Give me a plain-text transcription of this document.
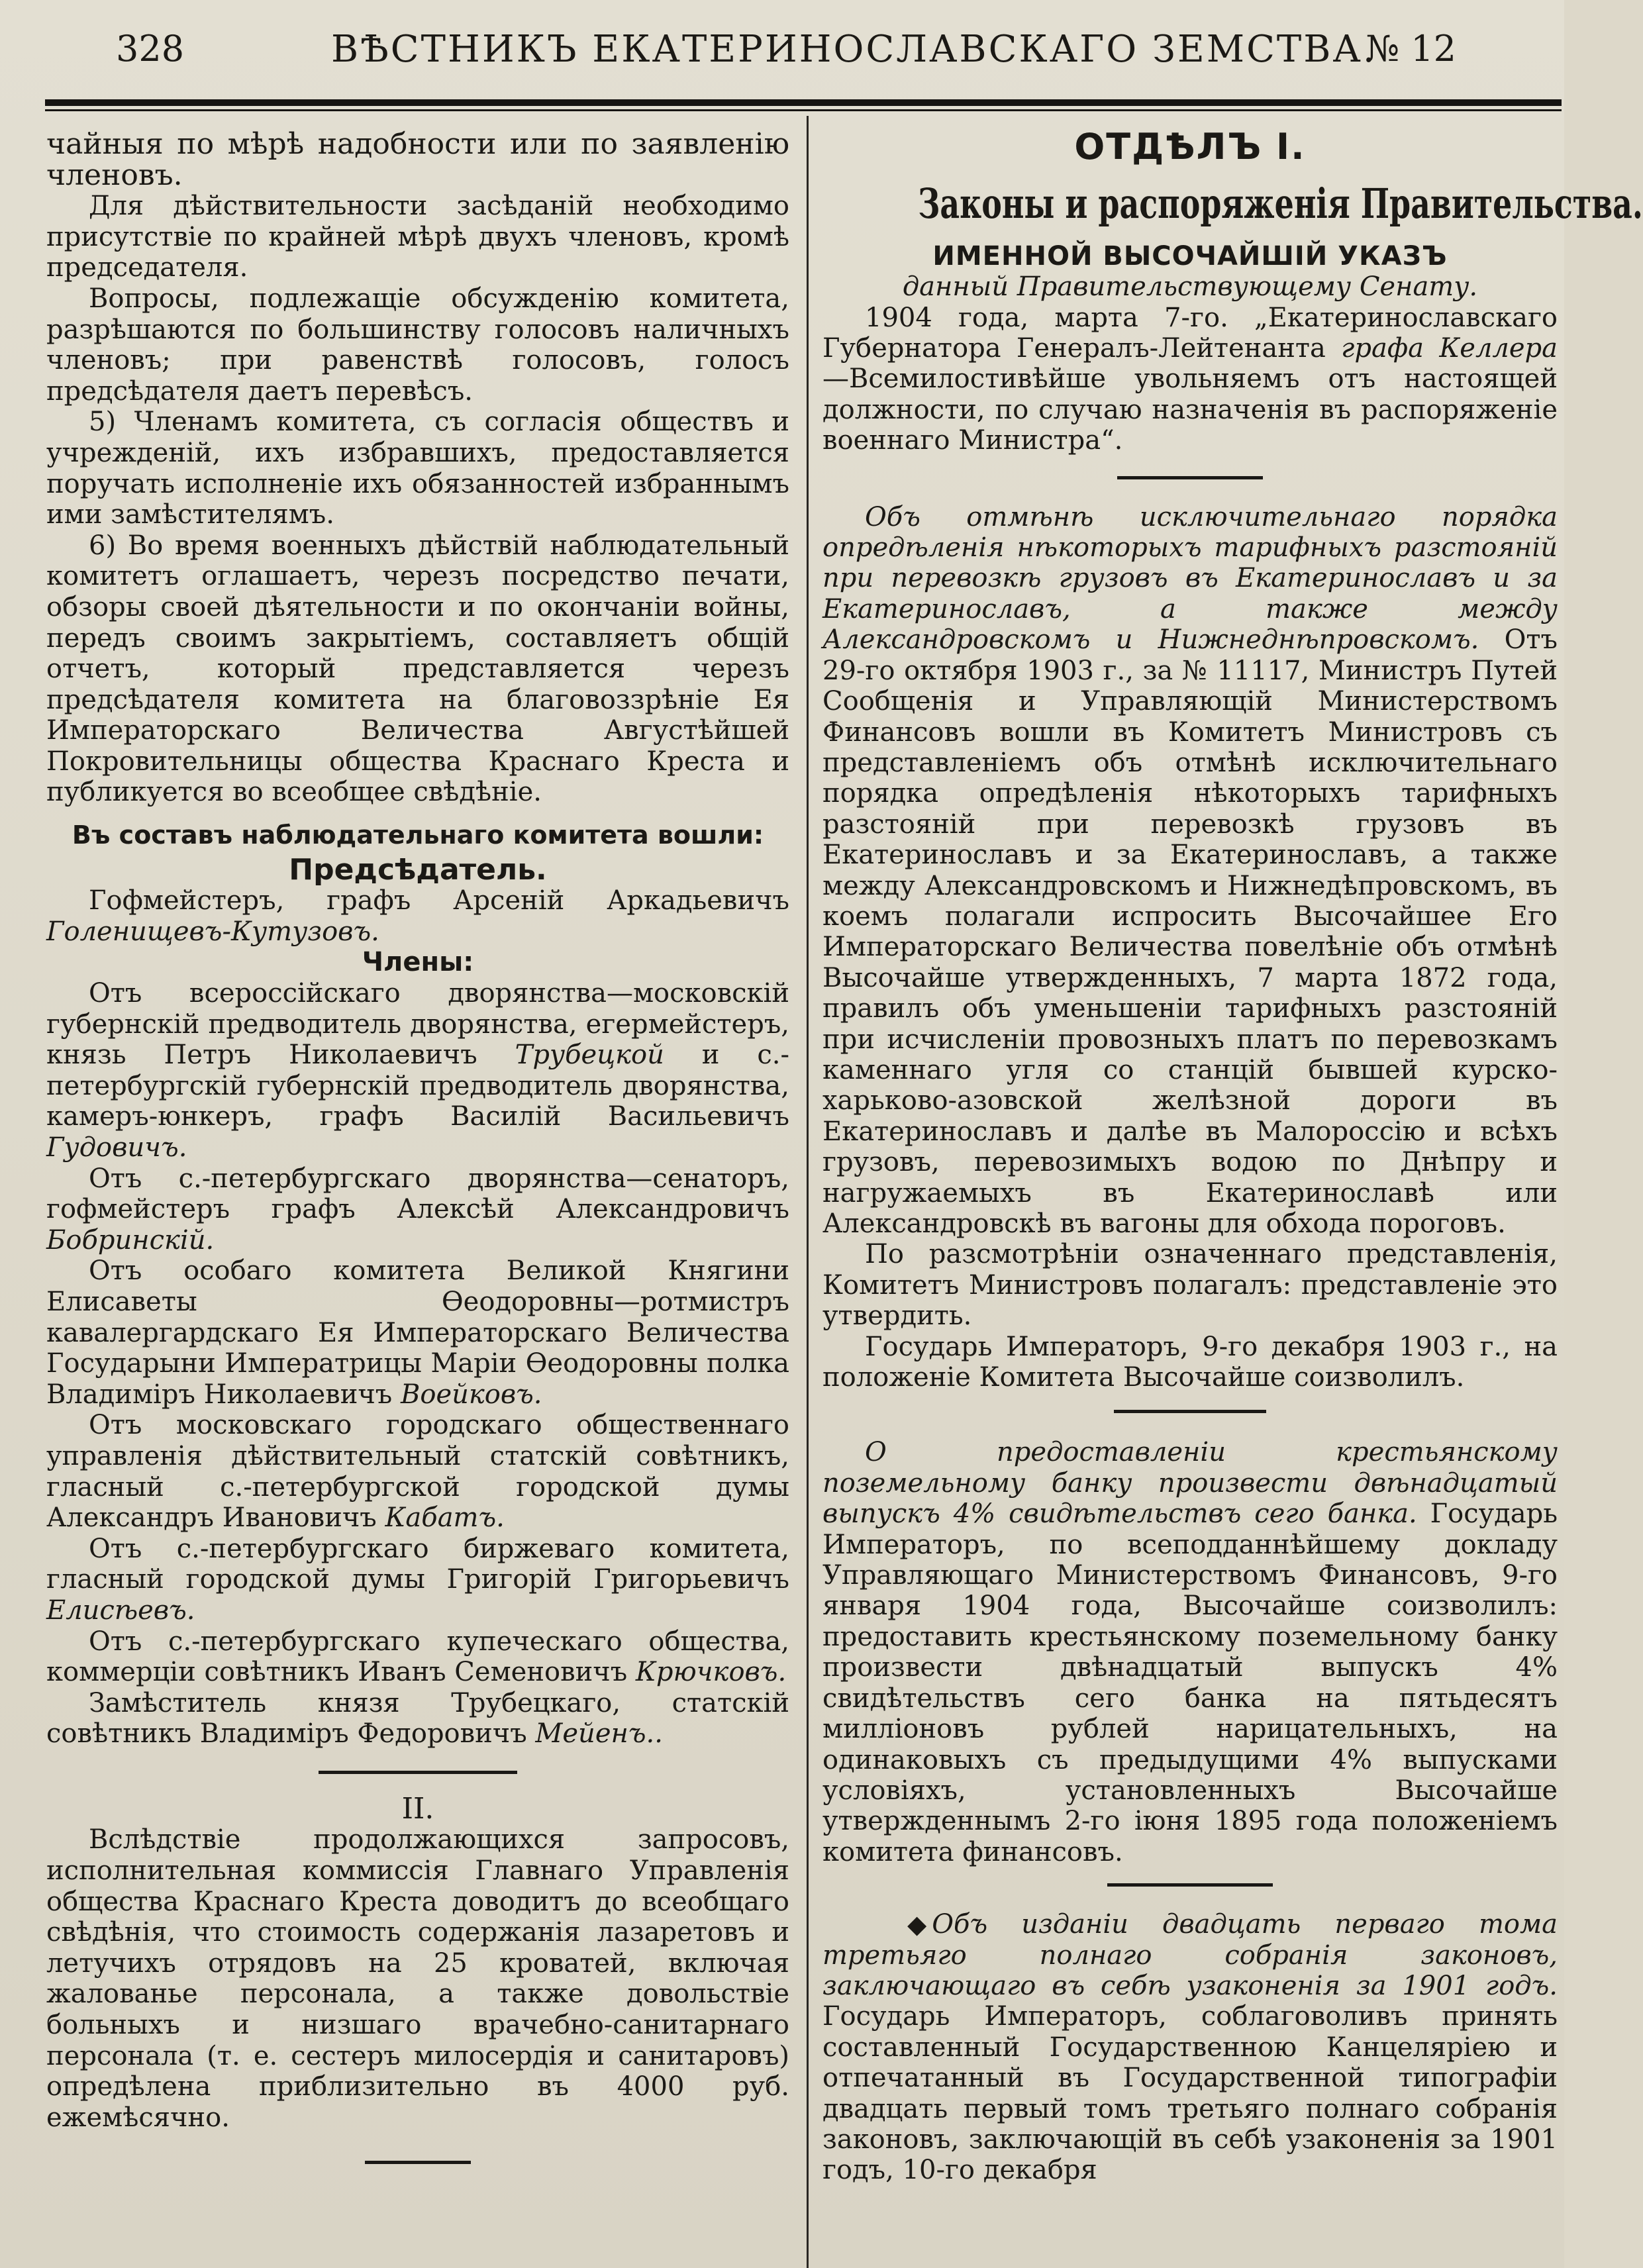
328	ВѢСТНИКЪ ЕКАТЕРИНОСЛАВСКАГО ЗЕМСТВА.
№ 12

чайныя по мѣрѣ надобности или по заявленію членовъ.

Для дѣйствительности засѣданій необходимо присутствіе по крайней мѣрѣ двухъ членовъ, кромѣ председателя.

Вопросы, подлежащіе обсужденію комитета, разрѣшаются по большинству голосовъ наличныхъ членовъ; при равенствѣ голосовъ, голосъ предсѣдателя даетъ перевѣсъ.

5) Членамъ комитета, съ согласія обществъ и учрежденій, ихъ избравшихъ, предоставляется поручать исполненіе ихъ обязанностей избраннымъ ими замѣстителямъ.

6) Во время военныхъ дѣйствій наблюдательный комитетъ оглашаетъ, черезъ посредство печати, обзоры своей дѣятельности и по окончаніи войны, передъ своимъ закрытіемъ, составляетъ общій отчетъ, который представляется черезъ предсѣдателя комитета на благовоззрѣніе Ея Императорскаго Величества Августѣйшей Покровительницы общества Краснаго Креста и публикуется во всеобщее свѣдѣніе.

Въ составъ наблюдательнаго комитета вошли:

Предсѣдатель.

Гофмейстеръ, графъ Арсеній Аркадьевичъ Голенищевъ-Кутузовъ.

Члены:

Отъ всероссійскаго дворянства—московскій губернскій предводитель дворянства, егермейстеръ, князь Петръ Николаевичъ Трубецкой и с.-петербургскій губернскій предводитель дворянства, камеръ-юнкеръ, графъ Василій Васильевичъ Гудовичъ.

Отъ с.-петербургскаго дворянства—сенаторъ, гофмейстеръ графъ Алексѣй Александровичъ Бобринскій.

Отъ особаго комитета Великой Княгини Елисаветы Ѳеодоровны—ротмистръ кавалергардскаго Ея Императорскаго Величества Государыни Императрицы Маріи Ѳеодоровны полка Владиміръ Николаевичъ Воейковъ.

Отъ московскаго городскаго общественнаго управленія дѣйствительный статскій совѣтникъ, гласный с.-петербургской городской думы Александръ Ивановичъ Кабатъ.

Отъ с.-петербургскаго биржеваго комитета, гласный городской думы Григорій Григорьевичъ Елисѣевъ.

Отъ с.-петербургскаго купеческаго общества, коммерціи совѣтникъ Иванъ Семеновичъ Крючковъ.

Замѣститель князя Трубецкаго, статскій совѣтникъ Владиміръ Федоровичъ Мейенъ..

II.

Вслѣдствіе продолжающихся запросовъ, исполнительная коммиссія Главнаго Управленія общества Краснаго Креста доводитъ до всеобщаго свѣдѣнія, что стоимость содержанія лазаретовъ и летучихъ отрядовъ на 25 кроватей, включая жалованье персонала, а также довольствіе больныхъ и низшаго врачебно-санитарнаго персонала (т. е. сестеръ милосердія и санитаровъ) опредѣлена приблизительно въ 4000 руб. ежемѣсячно.

ОТДѢЛЪ I.

Законы и распоряженія Правительства.

ИМЕННОЙ ВЫСОЧАЙШІЙ УКАЗЪ

данный Правительствующему Сенату.

1904 года, марта 7-го. „Екатеринославскаго Губернатора Генералъ-Лейтенанта графа Келлера —Всемилостивѣйше увольняемъ отъ настоящей должности, по случаю назначенія въ распоряженіе военнаго Министра“.

Объ отмѣнѣ исключительнаго порядка опредѣленія нѣкоторыхъ тарифныхъ разстояній при перевозкѣ грузовъ въ Екатеринославъ и за Екатеринославъ, а также между Александровскомъ и Нижнеднѣпровскомъ. Отъ 29-го октября 1903 г., за № 11117, Министръ Путей Сообщенія и Управляющій Министерствомъ Финансовъ вошли въ Комитетъ Министровъ съ представленіемъ объ отмѣнѣ исключительнаго порядка опредѣленія нѣкоторыхъ тарифныхъ разстояній при перевозкѣ грузовъ въ Екатеринославъ и за Екатеринославъ, а также между Александровскомъ и Нижнедѣпровскомъ, въ коемъ полагали испросить Высочайшее Его Императорскаго Величества повелѣніе объ отмѣнѣ Высочайше утвержденныхъ, 7 марта 1872 года, правилъ объ уменьшеніи тарифныхъ разстояній при исчисленіи провозныхъ платъ по перевозкамъ каменнаго угля со станцій бывшей курско-харьково-азовской желѣзной дороги въ Екатеринославъ и далѣе въ Малороссію и всѣхъ грузовъ, перевозимыхъ водою по Днѣпру и нагружаемыхъ въ Екатеринославѣ или Александровскѣ въ вагоны для обхода пороговъ.

По разсмотрѣніи означеннаго представленія, Комитетъ Министровъ полагалъ: представленіе это утвердить.

Государь Императоръ, 9-го декабря 1903 г., на положеніе Комитета Высочайше соизволилъ.

О предоставленіи крестьянскому поземельному банку произвести двѣнадцатый выпускъ 4% свидѣтельствъ сего банка. Государь Императоръ, по всеподданнѣйшему докладу Управляющаго Министерствомъ Финансовъ, 9-го января 1904 года, Высочайше соизволилъ: предоставить крестьянскому поземельному банку произвести двѣнадцатый выпускъ 4% свидѣтельствъ сего банка на пятьдесятъ милліоновъ рублей нарицательныхъ, на одинаковыхъ съ предыдущими 4% выпусками условіяхъ, установленныхъ Высочайше утвержденнымъ 2-го іюня 1895 года положеніемъ комитета финансовъ.

◆ Объ изданіи двадцать перваго тома третьяго полнаго собранія законовъ, заключающаго въ себѣ узаконенія за 1901 годъ. Государь Императоръ, соблаговоливъ принять составленный Государственною Канцеляріею и отпечатанный въ Государственной типографіи двадцать первый томъ третьяго полнаго собранія законовъ, заключающій въ себѣ узаконенія за 1901 годъ, 10-го декабря
